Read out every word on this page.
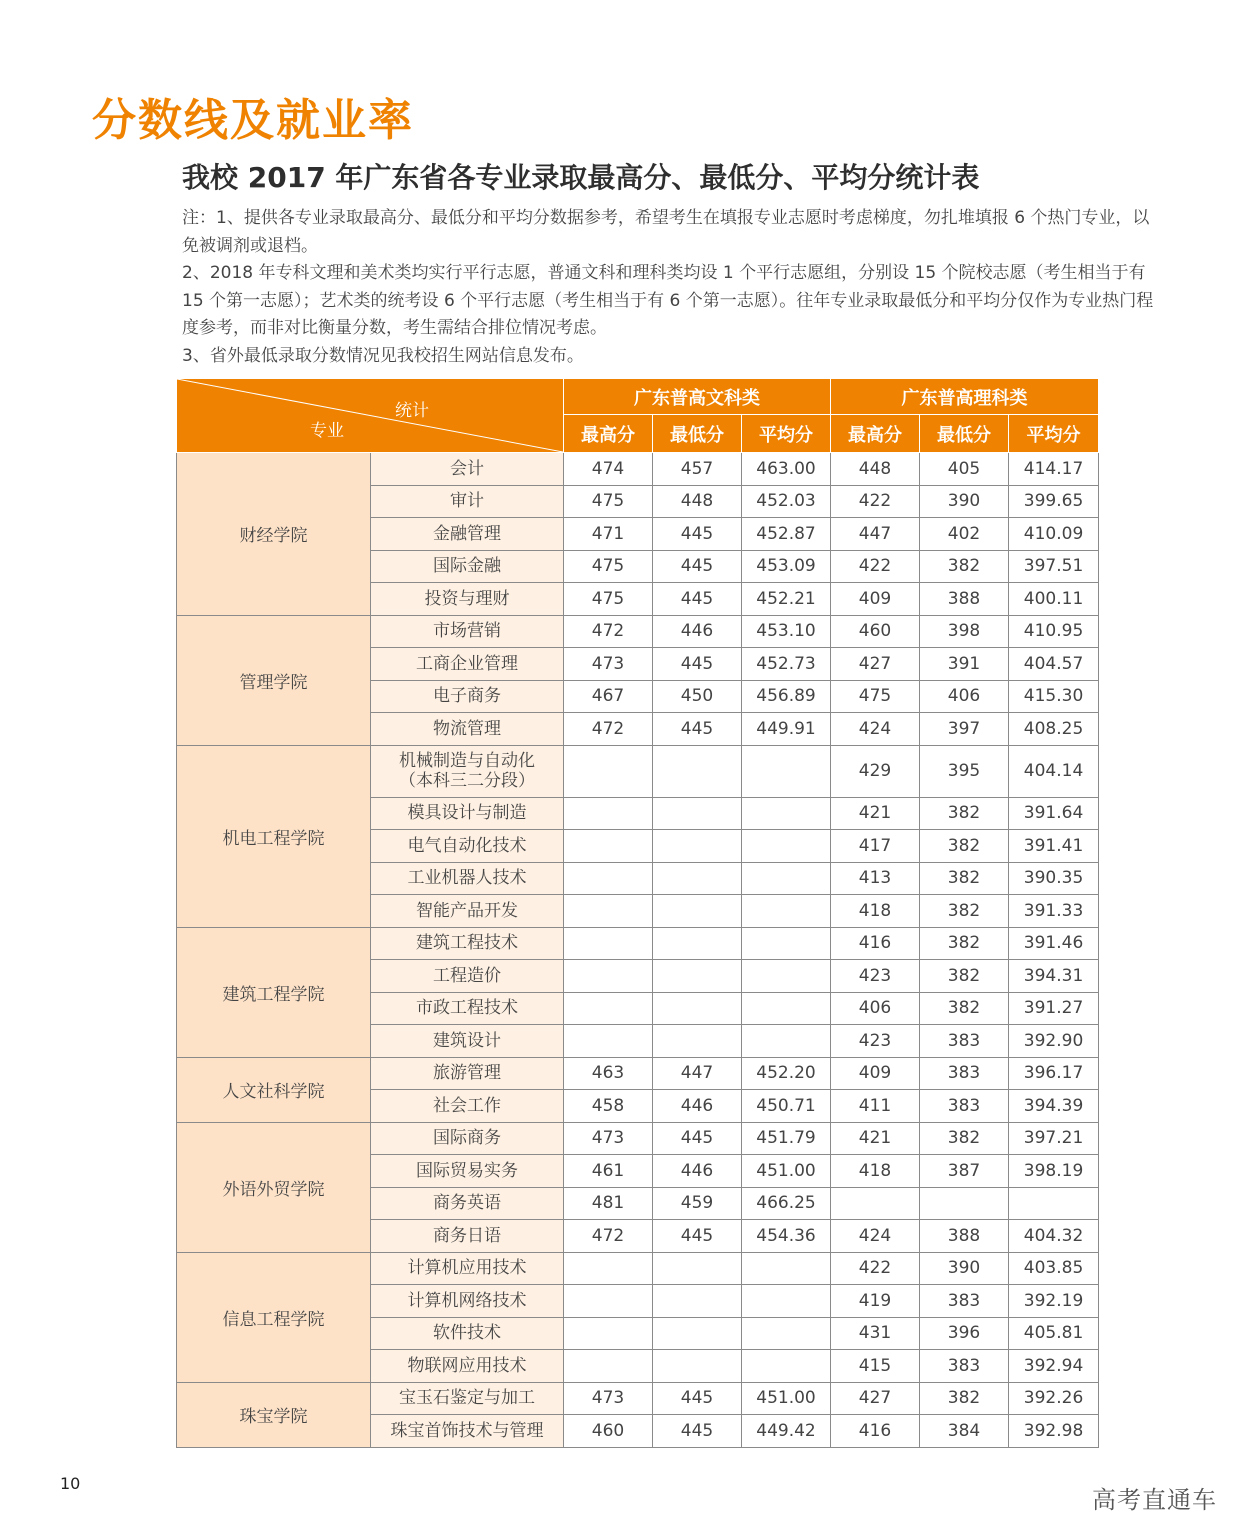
分数线及就业率
我校 2017 年广东省各专业录取最高分、最低分、平均分统计表

注：1、提供各专业录取最高分、最低分和平均分数据参考，希望考生在填报专业志愿时考虑梯度，勿扎堆填报 6 个热门专业，以免被调剂或退档。

2、2018 年专科文理和美术类均实行平行志愿，普通文科和理科类均设 1 个平行志愿组，分别设 15 个院校志愿（考生相当于有 15 个第一志愿）；艺术类的统考设 6 个平行志愿（考生相当于有 6 个第一志愿）。往年专业录取最低分和平均分仅作为专业热门程度参考，而非对比衡量分数，考生需结合排位情况考虑。

3、省外最低录取分数情况见我校招生网站信息发布。

统计
专业		广东普高文科类			广东普高理科类		
		最高分	最低分	平均分	最高分	最低分	平均分
财经学院	会计	474	457	463.00	448	405	414.17

	审计	475	448	452.03	422	390	399.65

	金融管理	471	445	452.87	447	402	410.09

	国际金融	475	445	453.09	422	382	397.51

	投资与理财	475	445	452.21	409	388	400.11
管理学院	市场营销	472	446	453.10	460	398	410.95

	工商企业管理	473	445	452.73	427	391	404.57

	电子商务	467	450	456.89	475	406	415.30

	物流管理	472	445	449.91	424	397	408.25
机电工程学院	机械制造与自动化
（本科三二分段）				429	395	404.14

	模具设计与制造				421	382	391.64

	电气自动化技术				417	382	391.41

	工业机器人技术				413	382	390.35

	智能产品开发				418	382	391.33
建筑工程学院	建筑工程技术				416	382	391.46

	工程造价				423	382	394.31

	市政工程技术				406	382	391.27

	建筑设计				423	383	392.90
人文社科学院	旅游管理	463	447	452.20	409	383	396.17

	社会工作	458	446	450.71	411	383	394.39
外语外贸学院	国际商务	473	445	451.79	421	382	397.21

	国际贸易实务	461	446	451.00	418	387	398.19

	商务英语	481	459	466.25			

	商务日语	472	445	454.36	424	388	404.32
信息工程学院	计算机应用技术				422	390	403.85

	计算机网络技术				419	383	392.19

	软件技术				431	396	405.81

	物联网应用技术				415	383	392.94
珠宝学院	宝玉石鉴定与加工	473	445	451.00	427	382	392.26

	珠宝首饰技术与管理	460	445	449.42	416	384	392.98
10
高考直通车
